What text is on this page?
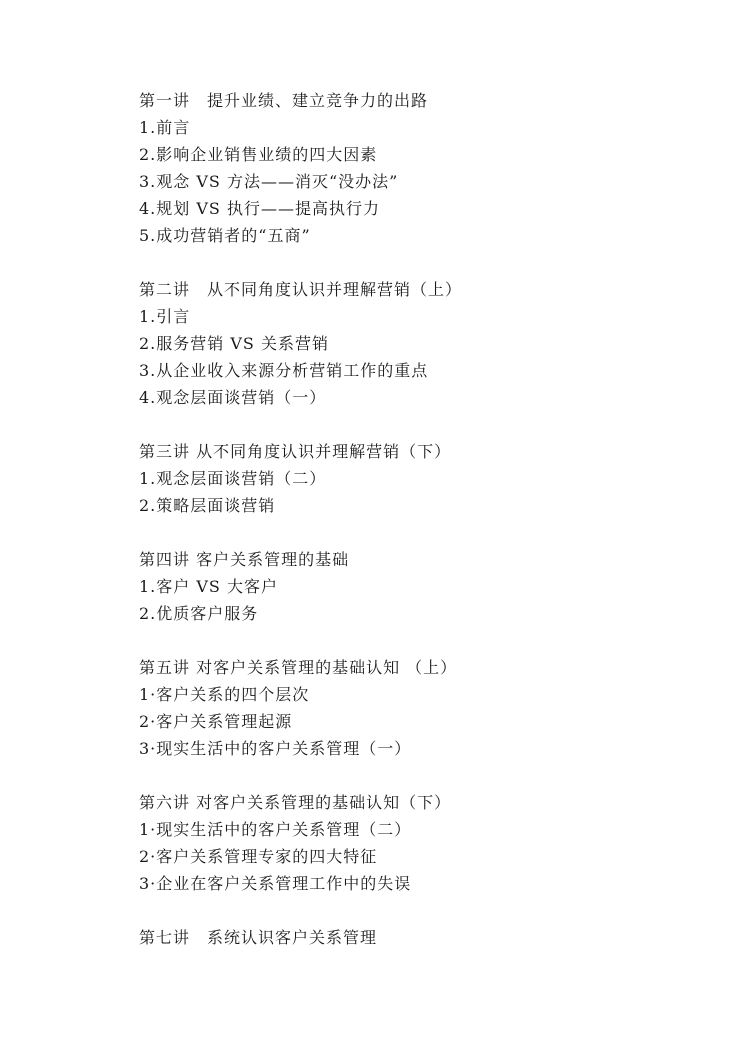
第一讲　提升业绩、建立竞争力的出路
1.前言
2.影响企业销售业绩的四大因素
3.观念 VS 方法——消灭“没办法”
4.规划 VS 执行——提高执行力
5.成功营销者的“五商”
第二讲　从不同角度认识并理解营销（上）
1.引言
2.服务营销 VS 关系营销
3.从企业收入来源分析营销工作的重点
4.观念层面谈营销（一）
第三讲 从不同角度认识并理解营销（下）
1.观念层面谈营销（二）
2.策略层面谈营销
第四讲 客户关系管理的基础
1.客户 VS 大客户
2.优质客户服务
第五讲 对客户关系管理的基础认知 （上）
1·客户关系的四个层次
2·客户关系管理起源
3·现实生活中的客户关系管理（一）
第六讲 对客户关系管理的基础认知（下）
1·现实生活中的客户关系管理（二）
2·客户关系管理专家的四大特征
3·企业在客户关系管理工作中的失误
第七讲　系统认识客户关系管理
